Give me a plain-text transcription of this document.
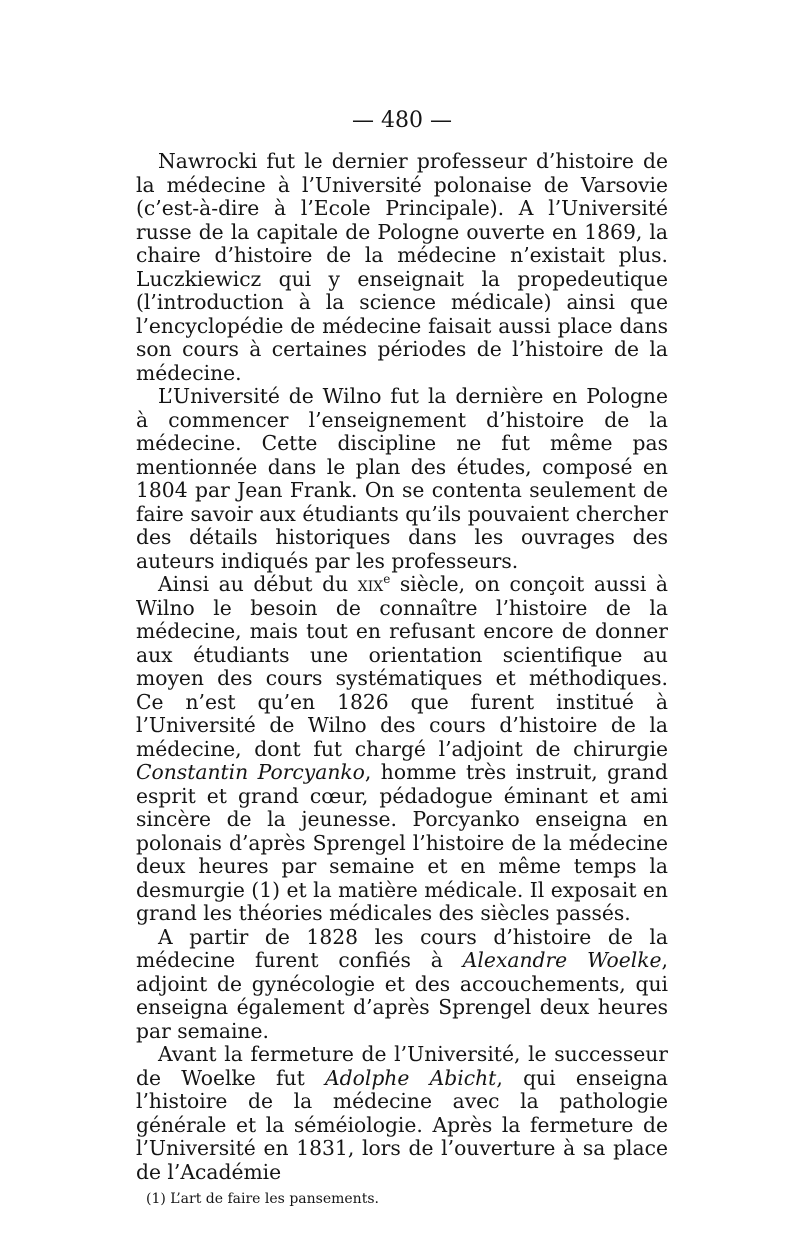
— 480 —

Nawrocki fut le dernier professeur d’histoire de la médecine à l’Université polonaise de Varsovie (c’est-à-dire à l’Ecole Principale). A l’Université russe de la capitale de Pologne ouverte en 1869, la chaire d’histoire de la médecine n’existait plus. Luczkiewicz qui y enseignait la propedeutique (l’introduction à la science médicale) ainsi que l’encyclopédie de médecine faisait aussi place dans son cours à certaines périodes de l’histoire de la médecine.

L’Université de Wilno fut la dernière en Pologne à commencer l’enseignement d’histoire de la médecine. Cette discipline ne fut même pas mentionnée dans le plan des études, composé en 1804 par Jean Frank. On se contenta seulement de faire savoir aux étudiants qu’ils pouvaient chercher des détails historiques dans les ouvrages des auteurs indiqués par les professeurs.

Ainsi au début du xix$^e$ siècle, on conçoit aussi à Wilno le besoin de connaître l’histoire de la médecine, mais tout en refusant encore de donner aux étudiants une orientation scientifique au moyen des cours systématiques et méthodiques. Ce n’est qu’en 1826 que furent institué à l’Université de Wilno des cours d’histoire de la médecine, dont fut chargé l’adjoint de chirurgie Constantin Porcyanko, homme très instruit, grand esprit et grand cœur, pédadogue éminant et ami sincère de la jeunesse. Porcyanko enseigna en polonais d’après Sprengel l’histoire de la médecine deux heures par semaine et en même temps la desmurgie (1) et la matière médicale. Il exposait en grand les théories médicales des siècles passés.

A partir de 1828 les cours d’histoire de la médecine furent confiés à Alexandre Woelke, adjoint de gynécologie et des accouchements, qui enseigna également d’après Sprengel deux heures par semaine.

Avant la fermeture de l’Université, le successeur de Woelke fut Adolphe Abicht, qui enseigna l’histoire de la médecine avec la pathologie générale et la séméiologie. Après la fermeture de l’Université en 1831, lors de l’ouverture à sa place de l’Académie

(1) L’art de faire les pansements.
